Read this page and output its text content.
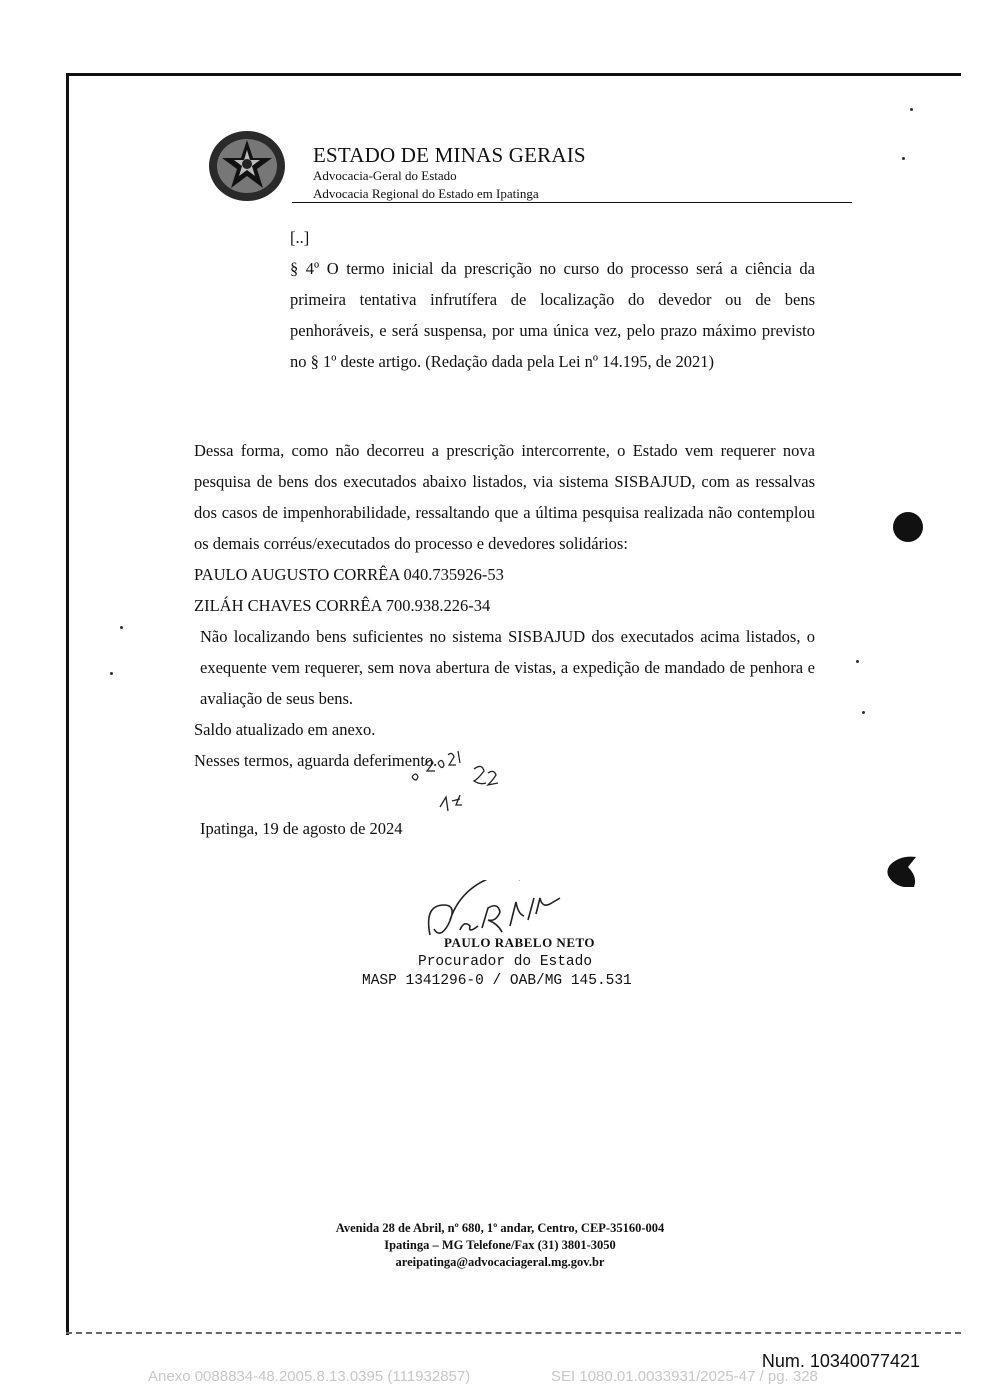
ESTADO DE MINAS GERAIS
Advocacia-Geral do Estado
Advocacia Regional do Estado em Ipatinga

[..]

§ 4º O termo inicial da prescrição no curso do processo será a ciência da primeira tentativa infrutífera de localização do devedor ou de bens penhoráveis, e será suspensa, por uma única vez, pelo prazo máximo previsto no § 1º deste artigo. (Redação dada pela Lei nº 14.195, de 2021)

Dessa forma, como não decorreu a prescrição intercorrente, o Estado vem requerer nova pesquisa de bens dos executados abaixo listados, via sistema SISBAJUD, com as ressalvas dos casos de impenhorabilidade, ressaltando que a última pesquisa realizada não contemplou os demais corréus/executados do processo e devedores solidários:

PAULO AUGUSTO CORRÊA 040.735926-53

ZILÁH CHAVES CORRÊA 700.938.226-34

Não localizando bens suficientes no sistema SISBAJUD dos executados acima listados, o exequente vem requerer, sem nova abertura de vistas, a expedição de mandado de penhora e avaliação de seus bens.

Saldo atualizado em anexo.

Nesses termos, aguarda deferimento.

Ipatinga, 19 de agosto de 2024
PAULO RABELO NETO
Procurador do Estado
MASP 1341296-0 / OAB/MG 145.531
Avenida 28 de Abril, nº 680, 1º andar, Centro, CEP-35160-004
Ipatinga – MG Telefone/Fax (31) 3801-3050
areipatinga@advocaciageral.mg.gov.br
Num. 10340077421
Anexo 0088834-48.2005.8.13.0395 (111932857)	SEI 1080.01.0033931/2025-47 / pg. 328
